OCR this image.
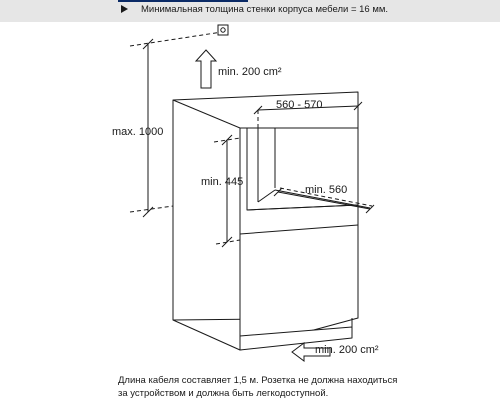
Минимальная толщина стенки корпуса мебели = 16 мм.
min. 200 cm²
max. 1000
560 - 570
min. 445
min. 560
min. 200 cm²
Длина кабеля составляет 1,5 м. Розетка не должна находиться
за устройством и должна быть легкодоступной.
